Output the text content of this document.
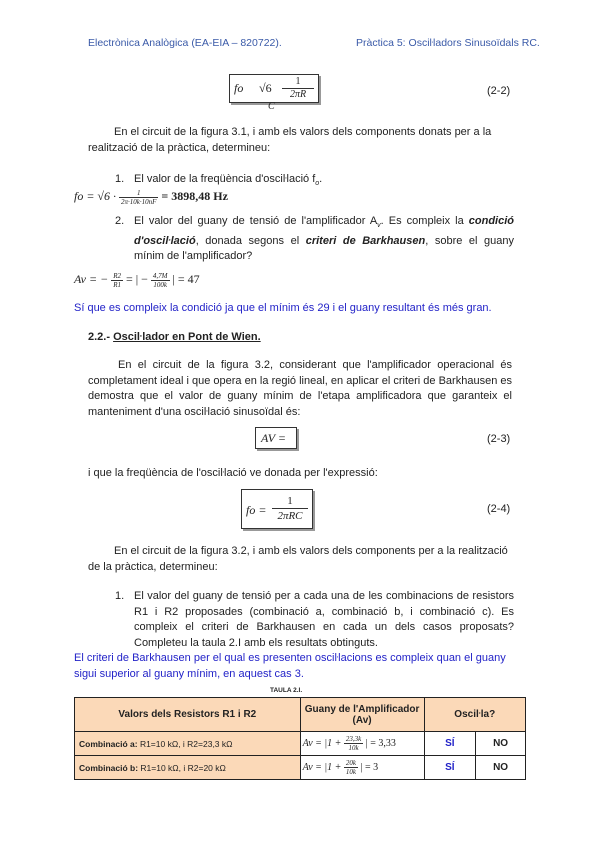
Electrònica Analògica (EA-EIA – 820722).	Pràctica 5: Osciŀladors Sinusoïdals RC.
fo $√6 \frac{1}{2\pi R}$
C
(2-2)
En el circuit de la figura 3.1, i amb els valors dels components donats per a la realització de la pràctica, determineu:
1. El valor de la freqüència d'osciŀlació $f_o$.
fo = $√6 \cdot \frac{1}{2\pi\cdot 10k\cdot 10nF} = 3898,48$ Hz
2. El valor del guany de tensió de l'amplificador $A_v$. Es compleix la condició d'osciŀlació, donada segons el criteri de Barkhausen, sobre el guany mínim de l'amplificador?
Av = − $\frac{R2}{R1}$ = | − $\frac{4,7M}{100k}$ | = 47
Sí que es compleix la condició ja que el mínim és 29 i el guany resultant és més gran.
2.2.- Osciŀlador en Pont de Wien.
En el circuit de la figura 3.2, considerant que l'amplificador operacional és completament ideal i que opera en la regió lineal, en aplicar el criteri de Barkhausen es demostra que el valor de guany mínim de l'etapa amplificadora que garanteix el manteniment d'una osciŀlació sinusoïdal és:
AV =	(2-3)
i que la freqüència de l'osciŀlació ve donada per l'expressió:
fo =
1
2πRC
(2-4)
En el circuit de la figura 3.2, i amb els valors dels components per a la realització de la pràctica, determineu:
1. El valor del guany de tensió per a cada una de les combinacions de resistors R1 i R2 proposades (combinació a, combinació b, i combinació c). Es compleix el criteri de Barkhausen en cada un dels casos proposats? Completeu la taula 2.I amb els resultats obtinguts.
El criteri de Barkhausen per el qual es presenten osciŀlacions es compleix quan el guany sigui superior al guany mínim, en aquest cas 3.
TAULA 2.I.
Valors dels Resistors R1 i R2	Guany de l'Amplificador (Av)	Osciŀla?	
Combinació a: R1=10 kΩ, i R2=23,3 kΩ	$Av = |1 + \frac{23,3k}{10k}$ | = 3,33	SÍ	NO
Combinació b: R1=10 kΩ, i R2=20 kΩ	$Av = |1 + \frac{20k}{10k}$ | = 3	SÍ	NO
